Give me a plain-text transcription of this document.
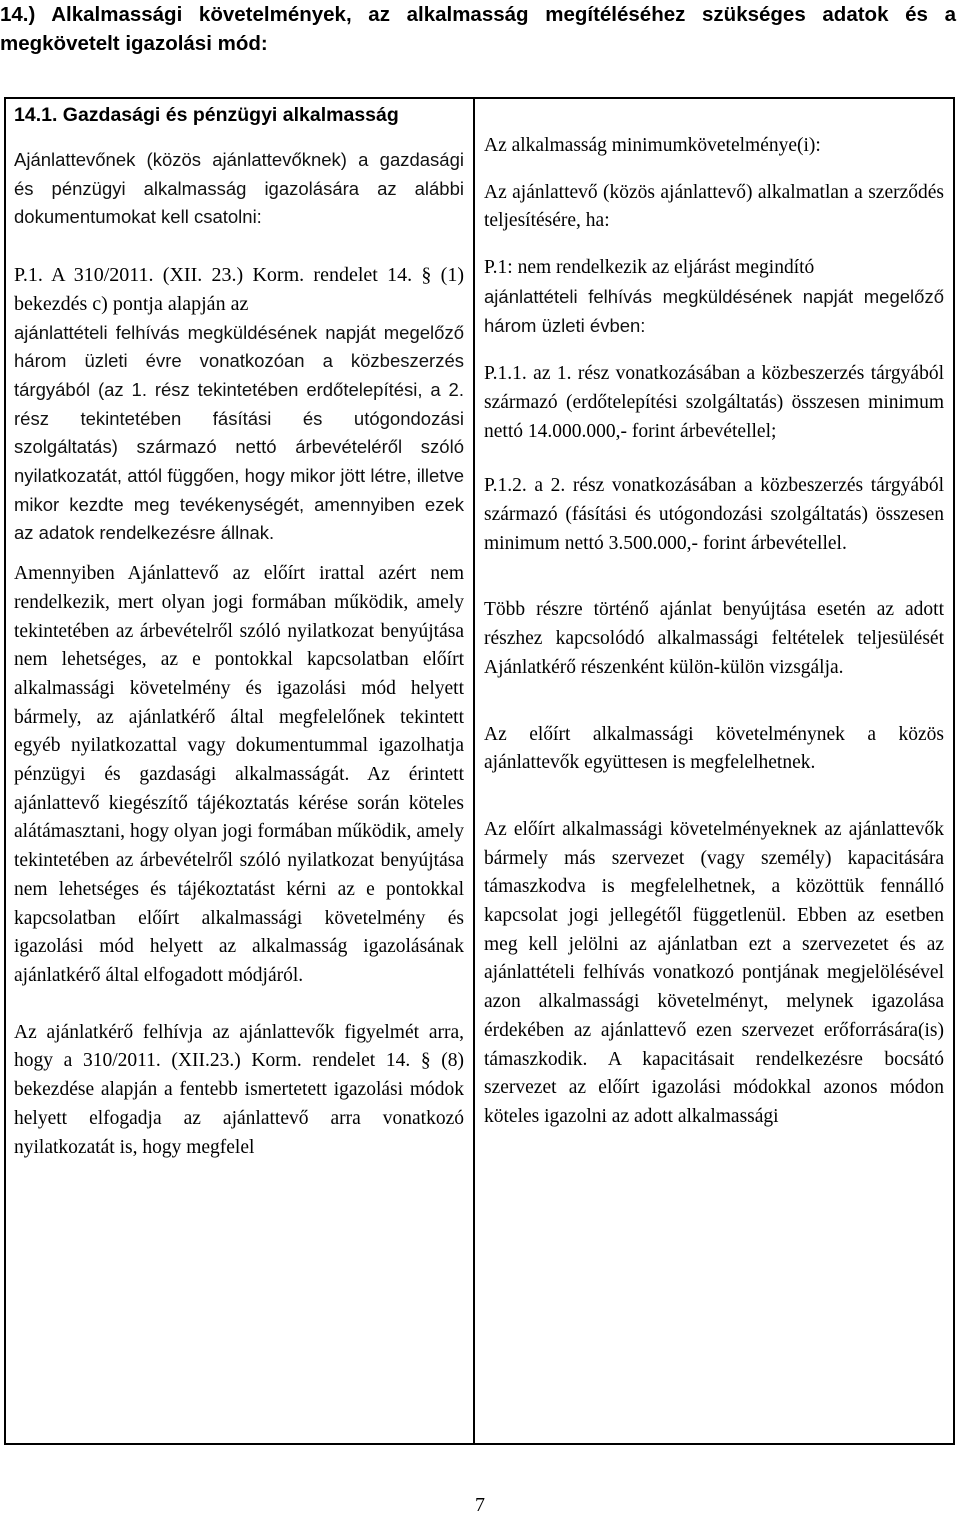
14.) Alkalmassági követelmények, az alkalmasság megítéléséhez szükséges adatok és a megkövetelt igazolási mód:

14.1. Gazdasági és pénzügyi alkalmasság

Ajánlattevőnek (közös ajánlattevőknek) a gazdasági és pénzügyi alkalmasság igazolására az alábbi dokumentumokat kell csatolni:

P.1. A 310/2011. (XII. 23.) Korm. rendelet 14. § (1) bekezdés c) pontja alapján az

ajánlattételi felhívás megküldésének napját megelőző három üzleti évre vonatkozóan a közbeszerzés tárgyából (az 1. rész tekintetében erdőtelepítési, a 2. rész tekintetében fásítási és utógondozási szolgáltatás) származó nettó árbevételéről szóló nyilatkozatát, attól függően, hogy mikor jött létre, illetve mikor kezdte meg tevékenységét, amennyiben ezek az adatok rendelkezésre állnak.

Amennyiben Ajánlattevő az előírt irattal azért nem rendelkezik, mert olyan jogi formában működik, amely tekintetében az árbevételről szóló nyilatkozat benyújtása nem lehetséges, az e pontokkal kapcsolatban előírt alkalmassági követelmény és igazolási mód helyett bármely, az ajánlatkérő által megfelelőnek tekintett egyéb nyilatkozattal vagy dokumentummal igazolhatja pénzügyi és gazdasági alkalmasságát. Az érintett ajánlattevő kiegészítő tájékoztatás kérése során köteles alátámasztani, hogy olyan jogi formában működik, amely tekintetében az árbevételről szóló nyilatkozat benyújtása nem lehetséges és tájékoztatást kérni az e pontokkal kapcsolatban előírt alkalmassági követelmény és igazolási mód helyett az alkalmasság igazolásának ajánlatkérő által elfogadott módjáról.

Az ajánlatkérő felhívja az ajánlattevők figyelmét arra, hogy a 310/2011. (XII.23.) Korm. rendelet 14. § (8) bekezdése alapján a fentebb ismertetett igazolási módok helyett elfogadja az ajánlattevő arra vonatkozó nyilatkozatát is, hogy megfelel

Az alkalmasság minimumkövetelménye(i):

Az ajánlattevő (közös ajánlattevő) alkalmatlan a szerződés teljesítésére, ha:

P.1: nem rendelkezik az eljárást megindító

ajánlattételi felhívás megküldésének napját megelőző három üzleti évben:

P.1.1. az 1. rész vonatkozásában a közbeszerzés tárgyából származó (erdőtelepítési szolgáltatás) összesen minimum nettó 14.000.000,- forint árbevétellel;

P.1.2. a 2. rész vonatkozásában a közbeszerzés tárgyából származó (fásítási és utógondozási szolgáltatás) összesen minimum nettó 3.500.000,- forint árbevétellel.

Több részre történő ajánlat benyújtása esetén az adott részhez kapcsolódó alkalmassági feltételek teljesülését Ajánlatkérő részenként külön-külön vizsgálja.

Az előírt alkalmassági követelménynek a közös ajánlattevők együttesen is megfelelhetnek.

Az előírt alkalmassági követelményeknek az ajánlattevők bármely más szervezet (vagy személy) kapacitására támaszkodva is megfelelhetnek, a közöttük fennálló kapcsolat jogi jellegétől függetlenül. Ebben az esetben meg kell jelölni az ajánlatban ezt a szervezetet és az ajánlattételi felhívás vonatkozó pontjának megjelölésével azon alkalmassági követelményt, melynek igazolása érdekében az ajánlattevő ezen szervezet erőforrására(is) támaszkodik. A kapacitásait rendelkezésre bocsátó szervezet az előírt igazolási módokkal azonos módon köteles igazolni az adott alkalmassági

7
